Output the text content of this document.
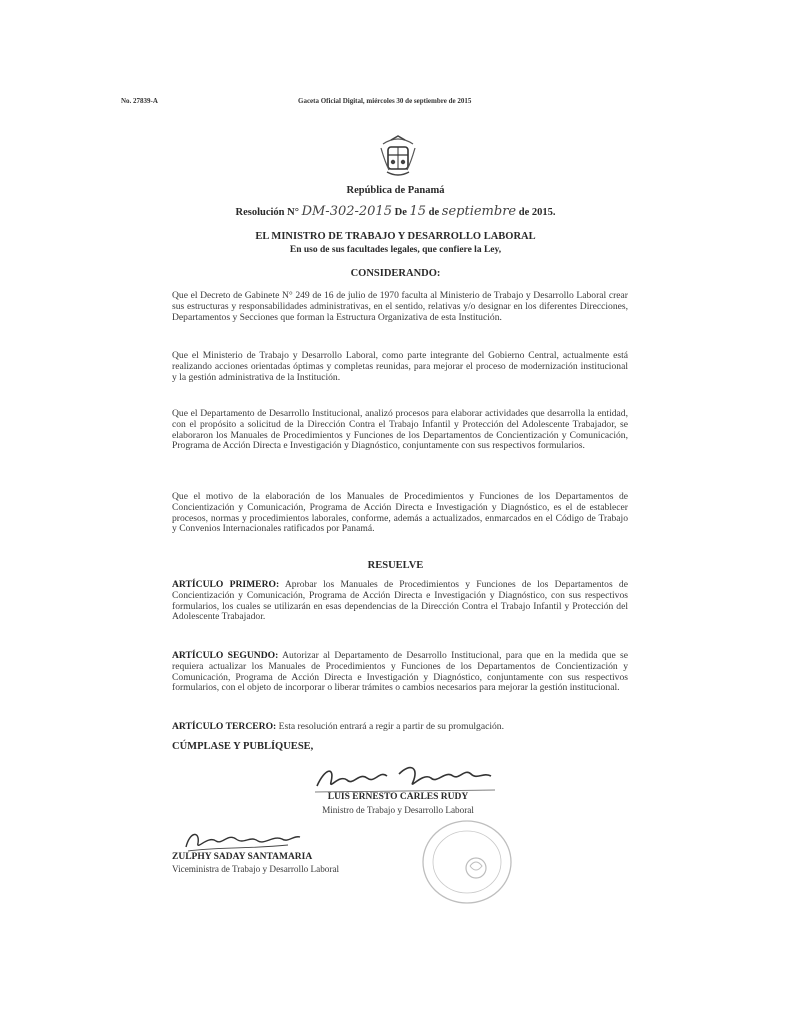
No. 27839-A	Gaceta Oficial Digital, miércoles 30 de septiembre de 2015
República de Panamá
Resolución N° DM-302-2015 De 15 de septiembre de 2015.
EL MINISTRO DE TRABAJO Y DESARROLLO LABORAL
En uso de sus facultades legales, que confiere la Ley,
CONSIDERANDO:
Que el Decreto de Gabinete N° 249 de 16 de julio de 1970 faculta al Ministerio de Trabajo y Desarrollo Laboral crear sus estructuras y responsabilidades administrativas, en el sentido, relativas y/o designar en los diferentes Direcciones, Departamentos y Secciones que forman la Estructura Organizativa de esta Institución.
Que el Ministerio de Trabajo y Desarrollo Laboral, como parte integrante del Gobierno Central, actualmente está realizando acciones orientadas óptimas y completas reunidas, para mejorar el proceso de modernización institucional y la gestión administrativa de la Institución.
Que el Departamento de Desarrollo Institucional, analizó procesos para elaborar actividades que desarrolla la entidad, con el propósito a solicitud de la Dirección Contra el Trabajo Infantil y Protección del Adolescente Trabajador, se elaboraron los Manuales de Procedimientos y Funciones de los Departamentos de Concientización y Comunicación, Programa de Acción Directa e Investigación y Diagnóstico, conjuntamente con sus respectivos formularios.
Que el motivo de la elaboración de los Manuales de Procedimientos y Funciones de los Departamentos de Concientización y Comunicación, Programa de Acción Directa e Investigación y Diagnóstico, es el de establecer procesos, normas y procedimientos laborales, conforme, además a actualizados, enmarcados en el Código de Trabajo y Convenios Internacionales ratificados por Panamá.
RESUELVE
ARTÍCULO PRIMERO: Aprobar los Manuales de Procedimientos y Funciones de los Departamentos de Concientización y Comunicación, Programa de Acción Directa e Investigación y Diagnóstico, con sus respectivos formularios, los cuales se utilizarán en esas dependencias de la Dirección Contra el Trabajo Infantil y Protección del Adolescente Trabajador.
ARTÍCULO SEGUNDO: Autorizar al Departamento de Desarrollo Institucional, para que en la medida que se requiera actualizar los Manuales de Procedimientos y Funciones de los Departamentos de Concientización y Comunicación, Programa de Acción Directa e Investigación y Diagnóstico, conjuntamente con sus respectivos formularios, con el objeto de incorporar o liberar trámites o cambios necesarios para mejorar la gestión institucional.
ARTÍCULO TERCERO: Esta resolución entrará a regir a partir de su promulgación.
CÚMPLASE Y PUBLÍQUESE,
LUIS ERNESTO CARLES RUDY
Ministro de Trabajo y Desarrollo Laboral
ZULPHY SADAY SANTAMARIA
Viceministra de Trabajo y Desarrollo Laboral
